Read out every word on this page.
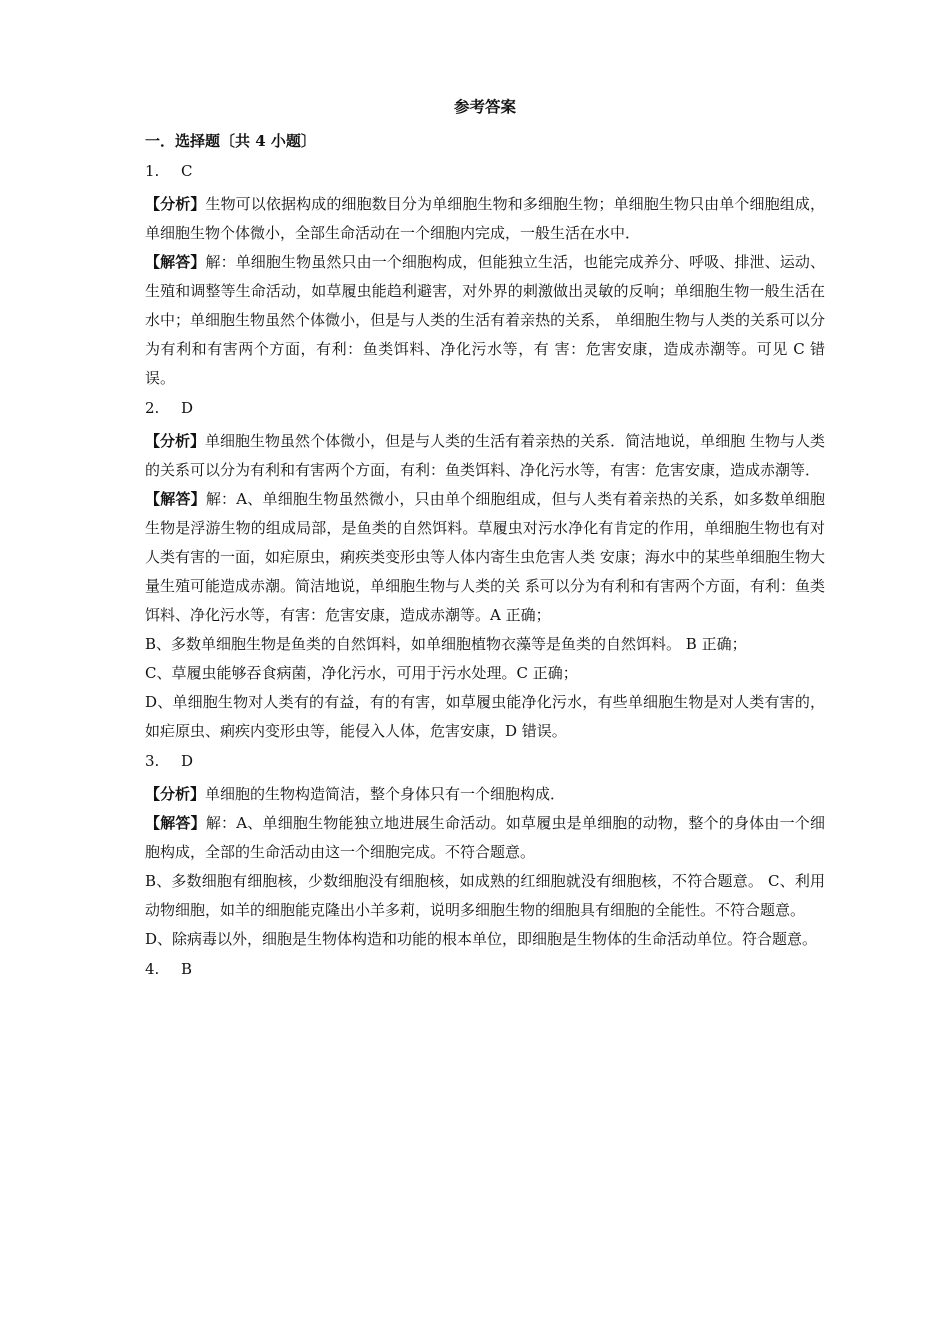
参考答案
一．选择题〔共 4 小题〕
1. C

【分析】生物可以依据构成的细胞数目分为单细胞生物和多细胞生物；单细胞生物只由单个细胞组成，单细胞生物个体微小，全部生命活动在一个细胞内完成，一般生活在水中．

【解答】解：单细胞生物虽然只由一个细胞构成，但能独立生活，也能完成养分、呼吸、排泄、运动、生殖和调整等生命活动，如草履虫能趋利避害，对外界的刺激做出灵敏的反响；单细胞生物一般生活在水中；单细胞生物虽然个体微小，但是与人类的生活有着亲热的关系， 单细胞生物与人类的关系可以分为有利和有害两个方面，有利：鱼类饵料、净化污水等，有 害：危害安康，造成赤潮等。可见 C 错误。

2. D

【分析】单细胞生物虽然个体微小，但是与人类的生活有着亲热的关系．简洁地说，单细胞 生物与人类的关系可以分为有利和有害两个方面，有利：鱼类饵料、净化污水等，有害：危害安康，造成赤潮等．

【解答】解：A、单细胞生物虽然微小，只由单个细胞组成，但与人类有着亲热的关系，如多数单细胞生物是浮游生物的组成局部，是鱼类的自然饵料。草履虫对污水净化有肯定的作用，单细胞生物也有对人类有害的一面，如疟原虫，痢疾类变形虫等人体内寄生虫危害人类 安康；海水中的某些单细胞生物大量生殖可能造成赤潮。简洁地说，单细胞生物与人类的关 系可以分为有利和有害两个方面，有利：鱼类饵料、净化污水等，有害：危害安康，造成赤潮等。A 正确；

B、多数单细胞生物是鱼类的自然饵料，如单细胞植物衣藻等是鱼类的自然饵料。 B 正确；

C、草履虫能够吞食病菌，净化污水，可用于污水处理。C 正确；

D、单细胞生物对人类有的有益，有的有害，如草履虫能净化污水，有些单细胞生物是对人类有害的，如疟原虫、痢疾内变形虫等，能侵入人体，危害安康，D 错误。

3. D

【分析】单细胞的生物构造简洁，整个身体只有一个细胞构成．

【解答】解：A、单细胞生物能独立地进展生命活动。如草履虫是单细胞的动物，整个的身体由一个细胞构成，全部的生命活动由这一个细胞完成。不符合题意。

B、多数细胞有细胞核，少数细胞没有细胞核，如成熟的红细胞就没有细胞核，不符合题意。 C、利用动物细胞，如羊的细胞能克隆出小羊多莉，说明多细胞生物的细胞具有细胞的全能性。不符合题意。

D、除病毒以外，细胞是生物体构造和功能的根本单位，即细胞是生物体的生命活动单位。符合题意。

4. B
